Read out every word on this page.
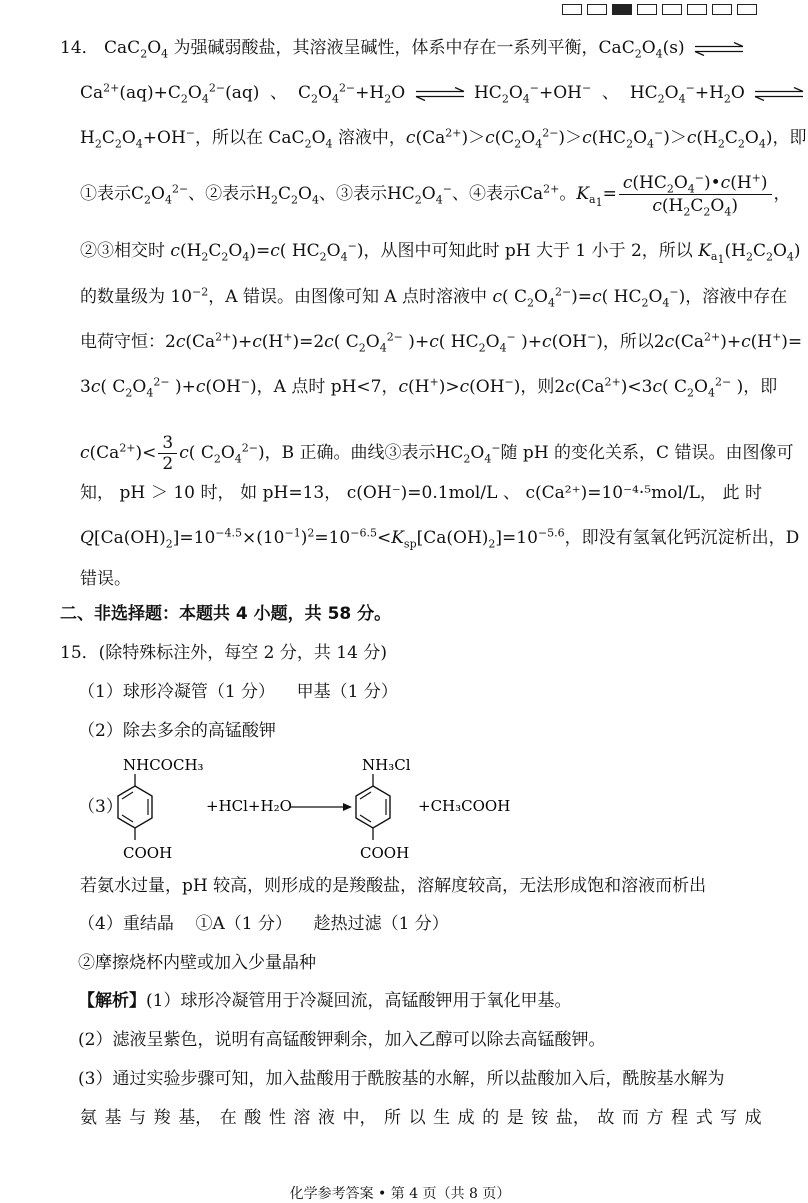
14． $CaC_2O_4$ 为强碱弱酸盐，其溶液呈碱性，体系中存在一系列平衡，$CaC_2O_4(s)$
$Ca^{2+}(aq)+C_2O_4^{2-}(aq)$  、  $C_2O_4^{2-}+H_2O$	$HC_2O_4^-+OH^-$ 、  $HC_2O_4^-+H_2O$
$H_2C_2O_4+OH^-$，所以在 $CaC_2O_4$ 溶液中，$c(Ca^{2+})>c(C_2O_4^{2-})>c(HC_2O_4^-)>c(H_2C_2O_4)$，即
①表示$C_2O_4^{2-}$、②表示$H_2C_2O_4$、③表示$HC_2O_4^-$、④表示$Ca^{2+}$。$K_{a_1}= \frac{c(HC_2O_4^-)•c(H^+)}{c(H_2C_2O_4)}$ ，
②③相交时 $c(H_2C_2O_4)=c$( $HC_2O_4^-$)，从图中可知此时 pH 大于 1 小于 2，所以 $K_{a_1}(H_2C_2O_4)$
的数量级为 $10^{-2}$，A 错误。由图像可知 A 点时溶液中 c( $C_2O_4^{2-})=c$( $HC_2O_4^-$)，溶液中存在
电 荷 守 恒： $2c(Ca^{2+})+c(H^+)=2c$( $C_2O_4^{2-}$ )+c( $HC_2O_4^-$ )+c(OH−) ，所以 $2c(Ca^{2+})+c(H^+)=$
3c( $C_2O_4^{2-}$ )+c(OH−) ，A 点时 pH<7， c(H+)>c(OH−) ，则 $2c(Ca^{2+})<3c$( $C_2O_4^{2-}$ ) ，即
$c(Ca^{2+})< \frac{3}{2} c$( $C_2O_4^{2-}$)，B 正确。曲线③表示$HC_2O_4^-$随 pH 的变化关系，C 错误。由图像可
知， pH ＞ 10 时， 如 pH=13， c(OH⁻)=0.1mol/L 、 c(Ca²⁺)=10⁻⁴·⁵mol/L， 此 时
$Q[Ca(OH)_2]=10^{-4.5}\times(10^{-1})^2=10^{-6.5}<K_{sp}[Ca(OH)_2]=10^{-5.6}$，即没有氢氧化钙沉淀析出，D
错误。
二、非选择题：本题共 4 小题，共 58 分。
15．(除特殊标注外，每空 2 分，共 14 分)
（1）球形冷凝管（1 分） 甲基（1 分）
（2）除去多余的高锰酸钾
（3）
NHCOCH₃
COOH
+HCl+H₂O
NH₃Cl
COOH
+CH₃COOH
若氨水过量，pH 较高，则形成的是羧酸盐，溶解度较高，无法形成饱和溶液而析出
（4）重结晶 ①A（1 分） 趁热过滤（1 分）
②摩擦烧杯内壁或加入少量晶种
【解析】(1）球形冷凝管用于冷凝回流，高锰酸钾用于氧化甲基。
(2）滤液呈紫色，说明有高锰酸钾剩余，加入乙醇可以除去高锰酸钾。
(3）通过实验步骤可知，加入盐酸用于酰胺基的水解，所以盐酸加入后，酰胺基水解为
氨 基 与 羧 基， 在 酸 性 溶 液 中， 所 以 生 成 的 是 铵 盐， 故 而 方 程 式 写 成
化学参考答案 • 第 4 页（共 8 页）
